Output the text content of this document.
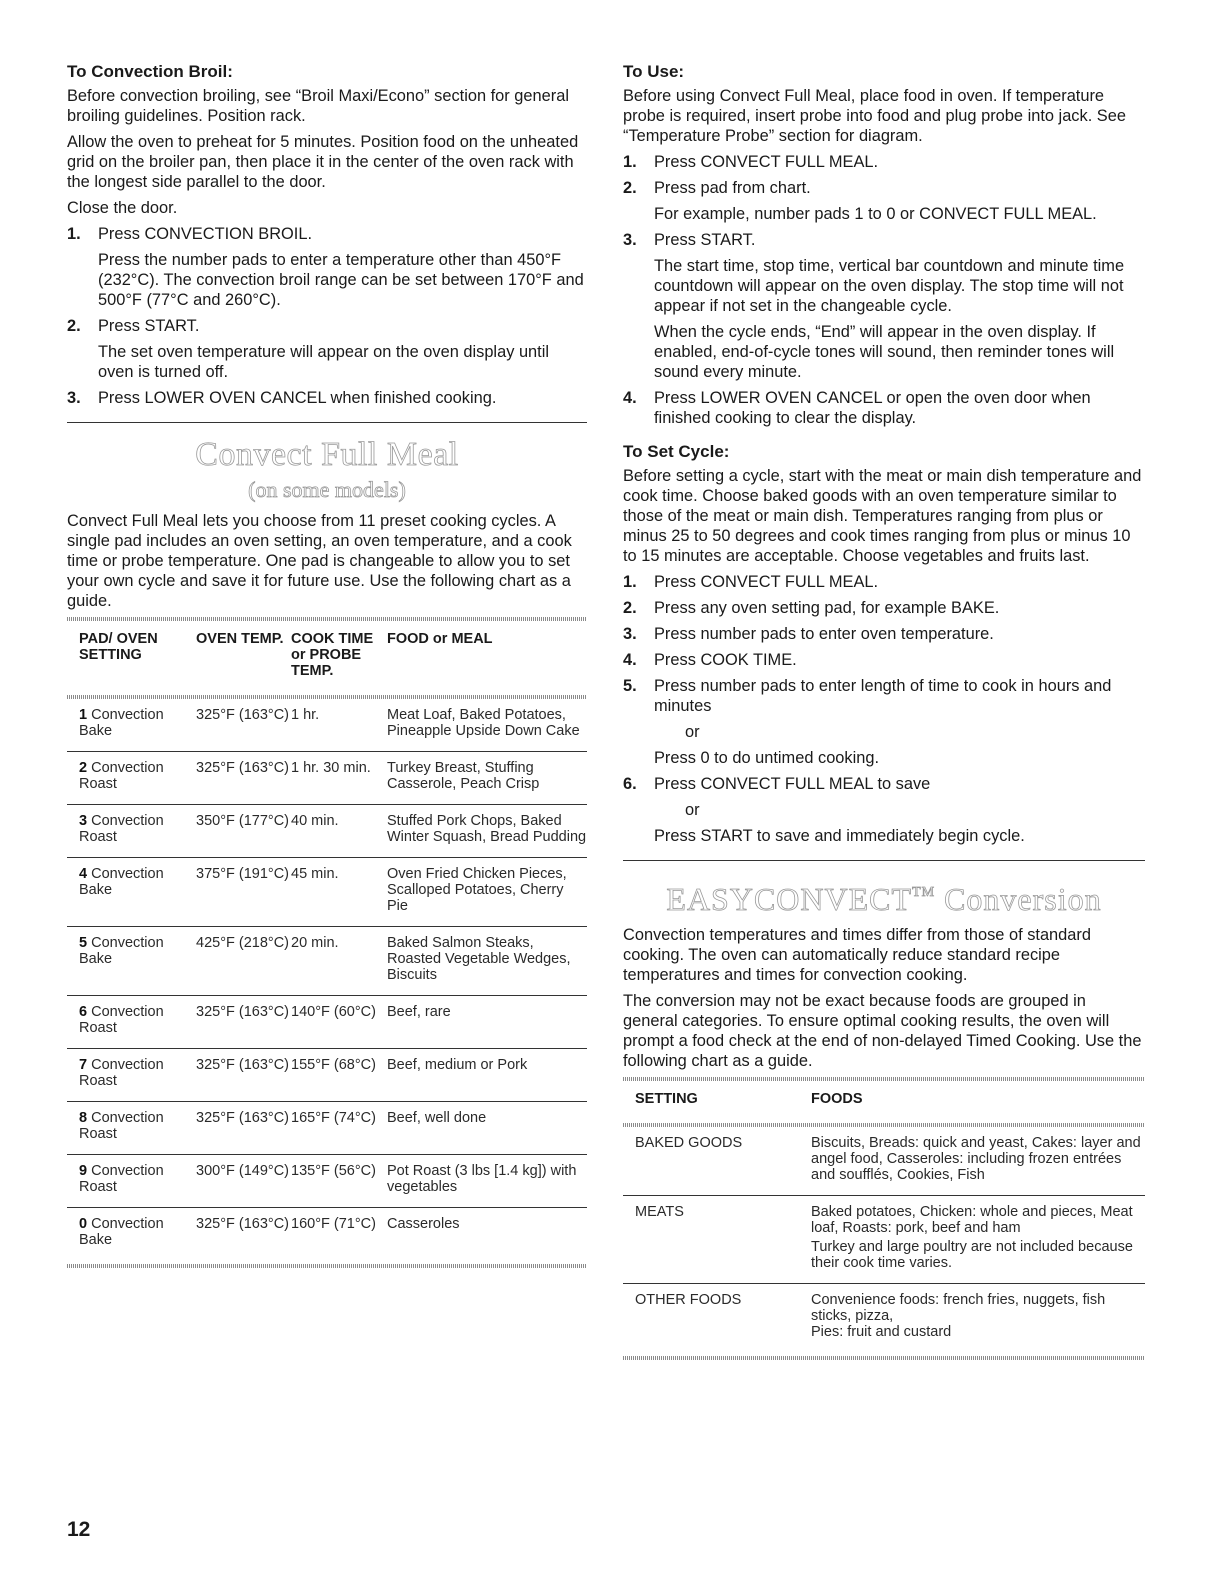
To Convection Broil:

Before convection broiling, see “Broil Maxi/Econo” section for general broiling guidelines. Position rack.

Allow the oven to preheat for 5 minutes. Position food on the unheated grid on the broiler pan, then place it in the center of the oven rack with the longest side parallel to the door.

Close the door.

1. Press CONVECTION BROIL.

Press the number pads to enter a temperature other than 450°F (232°C). The convection broil range can be set between 170°F and 500°F (77°C and 260°C).

2. Press START.

The set oven temperature will appear on the oven display until oven is turned off.

3. Press LOWER OVEN CANCEL when finished cooking.

Convect Full Meal
(on some models)

Convect Full Meal lets you choose from 11 preset cooking cycles. A single pad includes an oven setting, an oven temperature, and a cook time or probe temperature. One pad is changeable to allow you to set your own cycle and save it for future use. Use the following chart as a guide.

PAD/ OVEN SETTING	OVEN TEMP.	COOK TIME or PROBE TEMP.	FOOD or MEAL

1 Convection Bake	325°F (163°C)	1 hr.	Meat Loaf, Baked Potatoes, Pineapple Upside Down Cake
2 Convection Roast	325°F (163°C)	1 hr. 30 min.	Turkey Breast, Stuffing Casserole, Peach Crisp
3 Convection Roast	350°F (177°C)	40 min.	Stuffed Pork Chops, Baked Winter Squash, Bread Pudding
4 Convection Bake	375°F (191°C)	45 min.	Oven Fried Chicken Pieces, Scalloped Potatoes, Cherry Pie
5 Convection Bake	425°F (218°C)	20 min.	Baked Salmon Steaks, Roasted Vegetable Wedges, Biscuits
6 Convection Roast	325°F (163°C)	140°F (60°C)	Beef, rare
7 Convection Roast	325°F (163°C)	155°F (68°C)	Beef, medium or Pork
8 Convection Roast	325°F (163°C)	165°F (74°C)	Beef, well done
9 Convection Roast	300°F (149°C)	135°F (56°C)	Pot Roast (3 lbs [1.4 kg]) with vegetables
0 Convection Bake	325°F (163°C)	160°F (71°C)	Casseroles
To Use:

Before using Convect Full Meal, place food in oven. If temperature probe is required, insert probe into food and plug probe into jack. See “Temperature Probe” section for diagram.

1. Press CONVECT FULL MEAL.

2. Press pad from chart.

For example, number pads 1 to 0 or CONVECT FULL MEAL.

3. Press START.

The start time, stop time, vertical bar countdown and minute time countdown will appear on the oven display. The stop time will not appear if not set in the changeable cycle.

When the cycle ends, “End” will appear in the oven display. If enabled, end-of-cycle tones will sound, then reminder tones will sound every minute.

4. Press LOWER OVEN CANCEL or open the oven door when finished cooking to clear the display.

To Set Cycle:

Before setting a cycle, start with the meat or main dish temperature and cook time. Choose baked goods with an oven temperature similar to those of the meat or main dish. Temperatures ranging from plus or minus 25 to 50 degrees and cook times ranging from plus or minus 10 to 15 minutes are acceptable. Choose vegetables and fruits last.

1. Press CONVECT FULL MEAL.

2. Press any oven setting pad, for example BAKE.

3. Press number pads to enter oven temperature.

4. Press COOK TIME.

5. Press number pads to enter length of time to cook in hours and minutes

or

Press 0 to do untimed cooking.

6. Press CONVECT FULL MEAL to save

or

Press START to save and immediately begin cycle.

EASYCONVECT™ Conversion

Convection temperatures and times differ from those of standard cooking. The oven can automatically reduce standard recipe temperatures and times for convection cooking.

The conversion may not be exact because foods are grouped in general categories. To ensure optimal cooking results, the oven will prompt a food check at the end of non-delayed Timed Cooking. Use the following chart as a guide.

SETTING	FOODS

BAKED GOODS	Biscuits, Breads: quick and yeast, Cakes: layer and angel food, Casseroles: including frozen entrées and soufflés, Cookies, Fish

MEATS	Baked potatoes, Chicken: whole and pieces, Meat loaf, Roasts: pork, beef and ham
Turkey and large poultry are not included because their cook time varies.

OTHER FOODS	Convenience foods: french fries, nuggets, fish sticks, pizza,
Pies: fruit and custard
12
